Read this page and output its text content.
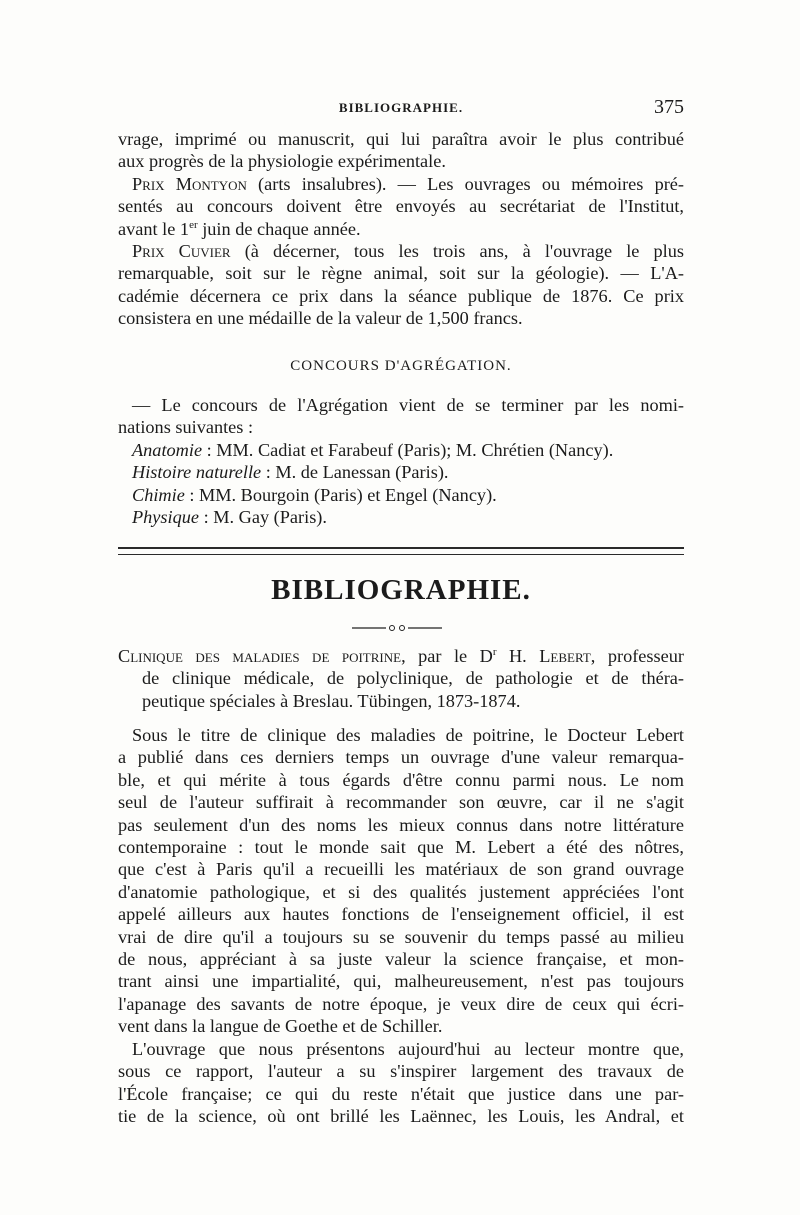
BIBLIOGRAPHIE.	375
vrage, imprimé ou manuscrit, qui lui paraîtra avoir le plus contribué
aux progrès de la physiologie expérimentale.
Prix Montyon (arts insalubres). — Les ouvrages ou mémoires pré-
sentés au concours doivent être envoyés au secrétariat de l'Institut,
avant le 1er juin de chaque année.
Prix Cuvier (à décerner, tous les trois ans, à l'ouvrage le plus
remarquable, soit sur le règne animal, soit sur la géologie). — L'A-
cadémie décernera ce prix dans la séance publique de 1876. Ce prix
consistera en une médaille de la valeur de 1,500 francs.
CONCOURS D'AGRÉGATION.
— Le concours de l'Agrégation vient de se terminer par les nomi-
nations suivantes :
Anatomie : MM. Cadiat et Farabeuf (Paris); M. Chrétien (Nancy).
Histoire naturelle : M. de Lanessan (Paris).
Chimie : MM. Bourgoin (Paris) et Engel (Nancy).
Physique : M. Gay (Paris).
BIBLIOGRAPHIE.
Clinique des maladies de poitrine, par le $D^r$ H. Lebert, professeur
de clinique médicale, de polyclinique, de pathologie et de théra-
peutique spéciales à Breslau. Tübingen, 1873-1874.
Sous le titre de clinique des maladies de poitrine, le Docteur Lebert
a publié dans ces derniers temps un ouvrage d'une valeur remarqua-
ble, et qui mérite à tous égards d'être connu parmi nous. Le nom
seul de l'auteur suffirait à recommander son œuvre, car il ne s'agit
pas seulement d'un des noms les mieux connus dans notre littérature
contemporaine : tout le monde sait que M. Lebert a été des nôtres,
que c'est à Paris qu'il a recueilli les matériaux de son grand ouvrage
d'anatomie pathologique, et si des qualités justement appréciées l'ont
appelé ailleurs aux hautes fonctions de l'enseignement officiel, il est
vrai de dire qu'il a toujours su se souvenir du temps passé au milieu
de nous, appréciant à sa juste valeur la science française, et mon-
trant ainsi une impartialité, qui, malheureusement, n'est pas toujours
l'apanage des savants de notre époque, je veux dire de ceux qui écri-
vent dans la langue de Goethe et de Schiller.
L'ouvrage que nous présentons aujourd'hui au lecteur montre que,
sous ce rapport, l'auteur a su s'inspirer largement des travaux de
l'École française; ce qui du reste n'était que justice dans une par-
tie de la science, où ont brillé les Laënnec, les Louis, les Andral, et
